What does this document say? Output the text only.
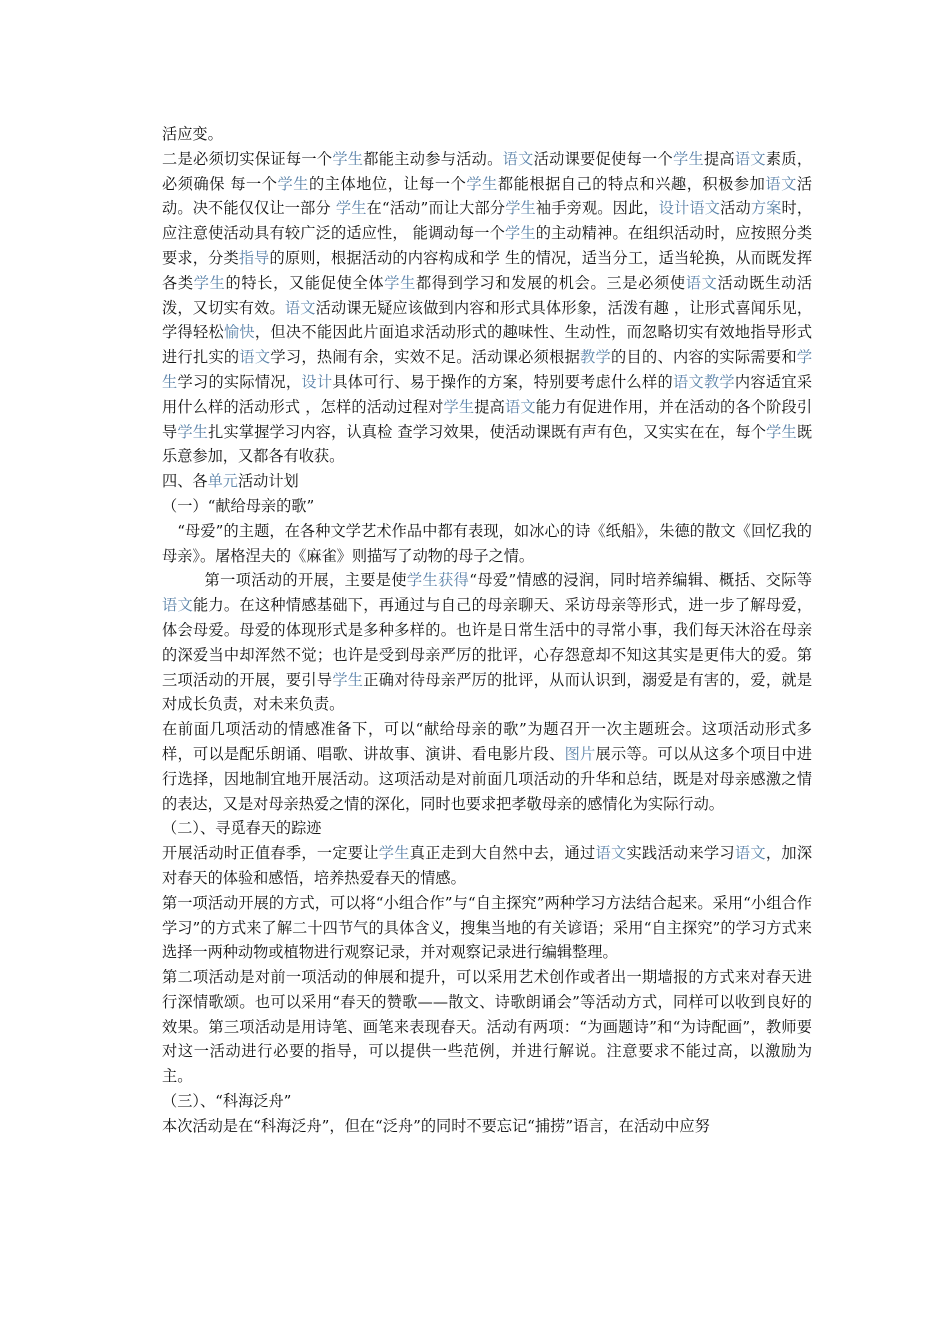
活应变。

二是必须切实保证每一个学生都能主动参与活动。语文活动课要促使每一个学生提高语文素质，必须确保 每一个学生的主体地位，让每一个学生都能根据自己的特点和兴趣，积极参加语文活动。决不能仅仅让一部分 学生在“活动”而让大部分学生袖手旁观。因此，设计语文活动方案时，应注意使活动具有较广泛的适应性， 能调动每一个学生的主动精神。在组织活动时，应按照分类要求，分类指导的原则，根据活动的内容构成和学 生的情况，适当分工，适当轮换，从而既发挥各类学生的特长，又能促使全体学生都得到学习和发展的机会。三是必须使语文活动既生动活泼，又切实有效。语文活动课无疑应该做到内容和形式具体形象，活泼有趣 ，让形式喜闻乐见，学得轻松愉快，但决不能因此片面追求活动形式的趣味性、生动性，而忽略切实有效地指导形式进行扎实的语文学习，热闹有余，实效不足。活动课必须根据教学的目的、内容的实际需要和学生学习的实际情况，设计具体可行、易于操作的方案，特别要考虑什么样的语文教学内容适宜采用什么样的活动形式 ，怎样的活动过程对学生提高语文能力有促进作用，并在活动的各个阶段引导学生扎实掌握学习内容，认真检 查学习效果，使活动课既有声有色，又实实在在，每个学生既乐意参加，又都各有收获。

四、各单元活动计划

（一）“献给母亲的歌”

“母爱”的主题，在各种文学艺术作品中都有表现，如冰心的诗《纸船》，朱德的散文《回忆我的母亲》。屠格涅夫的《麻雀》则描写了动物的母子之情。

第一项活动的开展，主要是使学生获得“母爱”情感的浸润，同时培养编辑、概括、交际等语文能力。在这种情感基础下，再通过与自己的母亲聊天、采访母亲等形式，进一步了解母爱，体会母爱。母爱的体现形式是多种多样的。也许是日常生活中的寻常小事，我们每天沐浴在母亲的深爱当中却浑然不觉；也许是受到母亲严厉的批评，心存怨意却不知这其实是更伟大的爱。第三项活动的开展，要引导学生正确对待母亲严厉的批评，从而认识到，溺爱是有害的，爱，就是对成长负责，对未来负责。

在前面几项活动的情感准备下，可以“献给母亲的歌”为题召开一次主题班会。这项活动形式多样，可以是配乐朗诵、唱歌、讲故事、演讲、看电影片段、图片展示等。可以从这多个项目中进行选择，因地制宜地开展活动。这项活动是对前面几项活动的升华和总结，既是对母亲感激之情的表达，又是对母亲热爱之情的深化，同时也要求把孝敬母亲的感情化为实际行动。

（二）、寻觅春天的踪迹

开展活动时正值春季，一定要让学生真正走到大自然中去，通过语文实践活动来学习语文，加深对春天的体验和感悟，培养热爱春天的情感。

第一项活动开展的方式，可以将“小组合作”与“自主探究”两种学习方法结合起来。采用“小组合作学习”的方式来了解二十四节气的具体含义，搜集当地的有关谚语；采用“自主探究”的学习方式来选择一两种动物或植物进行观察记录，并对观察记录进行编辑整理。

第二项活动是对前一项活动的伸展和提升，可以采用艺术创作或者出一期墙报的方式来对春天进行深情歌颂。也可以采用“春天的赞歌——散文、诗歌朗诵会”等活动方式，同样可以收到良好的效果。第三项活动是用诗笔、画笔来表现春天。活动有两项：“为画题诗”和“为诗配画”，教师要对这一活动进行必要的指导，可以提供一些范例，并进行解说。注意要求不能过高，以激励为主。

（三）、“科海泛舟”

本次活动是在“科海泛舟”，但在“泛舟”的同时不要忘记“捕捞”语言，在活动中应努
